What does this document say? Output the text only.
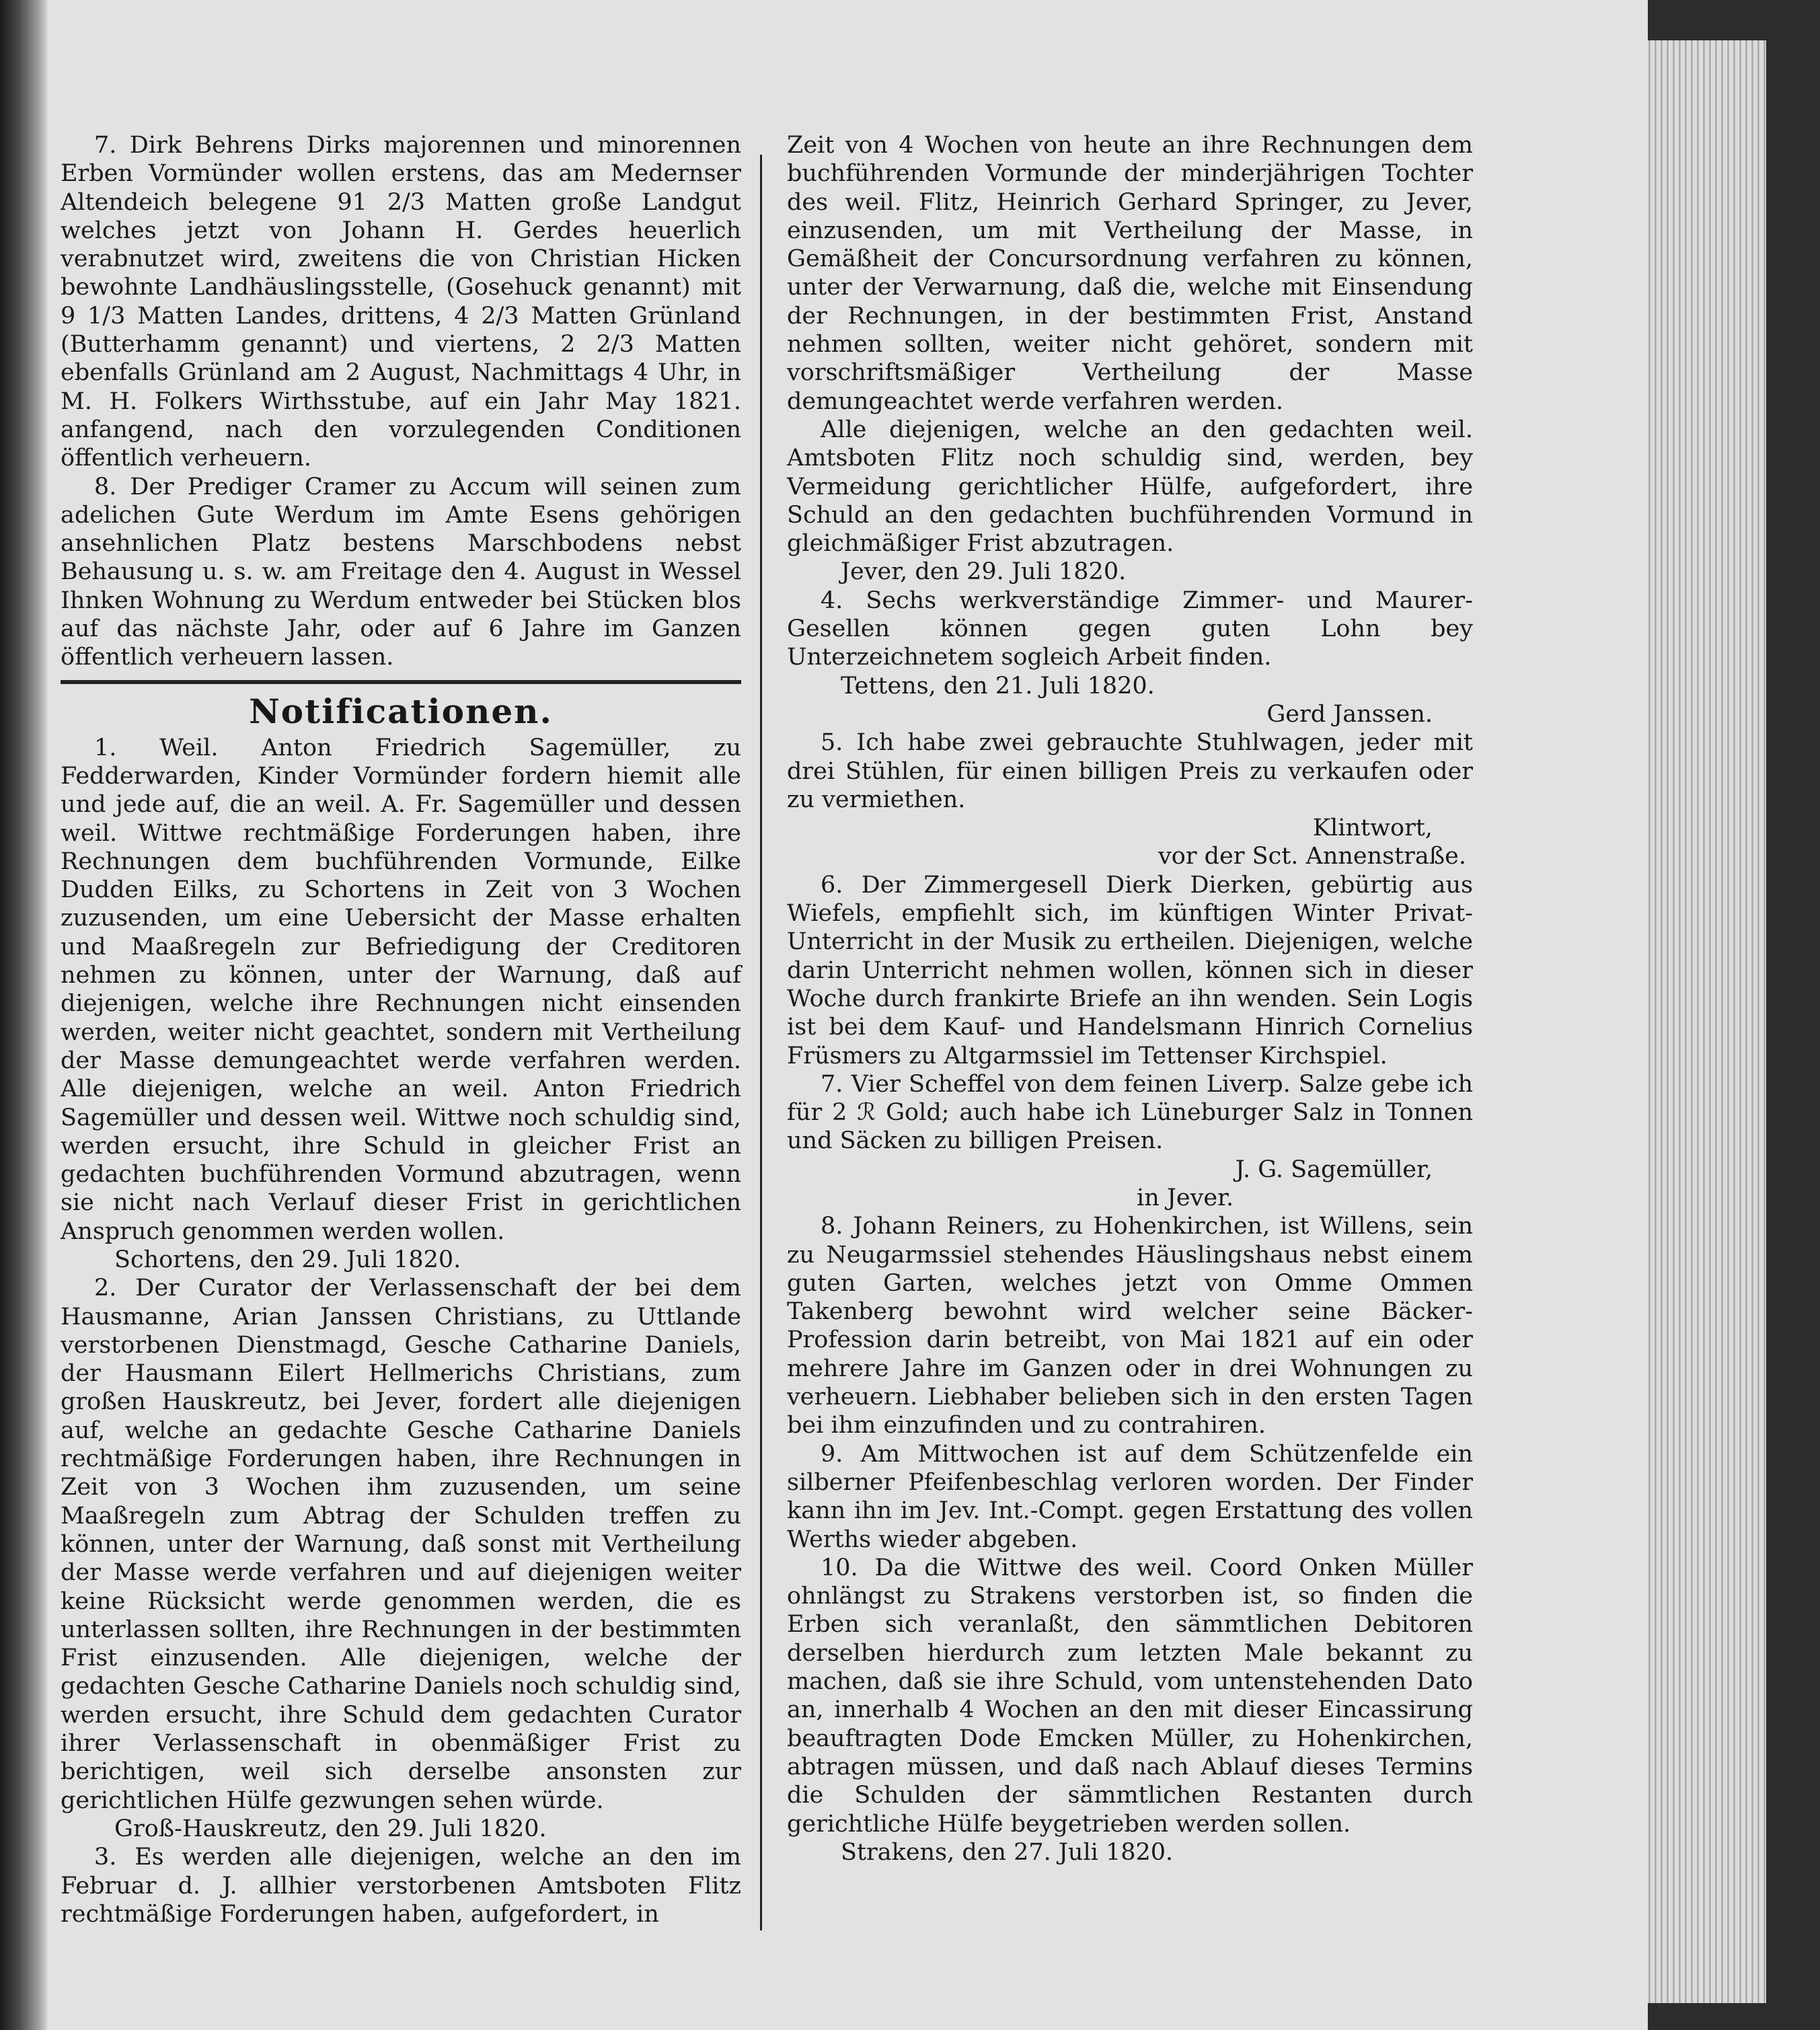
7. Dirk Behrens Dirks majorennen und minorennen Erben Vormünder wollen erstens, das am Medernser Altendeich belegene 91 2/3 Matten große Landgut welches jetzt von Johann H. Gerdes heuerlich verabnutzet wird, zweitens die von Christian Hicken bewohnte Landhäuslingsstelle, (Gosehuck genannt) mit 9 1/3 Matten Landes, drittens, 4 2/3 Matten Grünland (Butterhamm genannt) und viertens, 2 2/3 Matten ebenfalls Grünland am 2 August, Nachmittags 4 Uhr, in M. H. Folkers Wirthsstube, auf ein Jahr May 1821. anfangend, nach den vorzulegenden Conditionen öffentlich verheuern.

8. Der Prediger Cramer zu Accum will seinen zum adelichen Gute Werdum im Amte Esens gehörigen ansehnlichen Platz bestens Marschbodens nebst Behausung u. s. w. am Freitage den 4. August in Wessel Ihnken Wohnung zu Werdum entweder bei Stücken blos auf das nächste Jahr, oder auf 6 Jahre im Ganzen öffentlich verheuern lassen.

Notificationen.

1. Weil. Anton Friedrich Sagemüller, zu Fedderwarden, Kinder Vormünder fordern hiemit alle und jede auf, die an weil. A. Fr. Sagemüller und dessen weil. Wittwe rechtmäßige Forderungen haben, ihre Rechnungen dem buchführenden Vormunde, Eilke Dudden Eilks, zu Schortens in Zeit von 3 Wochen zuzusenden, um eine Uebersicht der Masse erhalten und Maaßregeln zur Befriedigung der Creditoren nehmen zu können, unter der Warnung, daß auf diejenigen, welche ihre Rechnungen nicht einsenden werden, weiter nicht geachtet, sondern mit Vertheilung der Masse demungeachtet werde verfahren werden. Alle diejenigen, welche an weil. Anton Friedrich Sagemüller und dessen weil. Wittwe noch schuldig sind, werden ersucht, ihre Schuld in gleicher Frist an gedachten buchführenden Vormund abzutragen, wenn sie nicht nach Verlauf dieser Frist in gerichtlichen Anspruch genommen werden wollen.

Schortens, den 29. Juli 1820.

2. Der Curator der Verlassenschaft der bei dem Hausmanne, Arian Janssen Christians, zu Uttlande verstorbenen Dienstmagd, Gesche Catharine Daniels, der Hausmann Eilert Hellmerichs Christians, zum großen Hauskreutz, bei Jever, fordert alle diejenigen auf, welche an gedachte Gesche Catharine Daniels rechtmäßige Forderungen haben, ihre Rechnungen in Zeit von 3 Wochen ihm zuzusenden, um seine Maaßregeln zum Abtrag der Schulden treffen zu können, unter der Warnung, daß sonst mit Vertheilung der Masse werde verfahren und auf diejenigen weiter keine Rücksicht werde genommen werden, die es unterlassen sollten, ihre Rechnungen in der bestimmten Frist einzusenden. Alle diejenigen, welche der gedachten Gesche Catharine Daniels noch schuldig sind, werden ersucht, ihre Schuld dem gedachten Curator ihrer Verlassenschaft in obenmäßiger Frist zu berichtigen, weil sich derselbe ansonsten zur gerichtlichen Hülfe gezwungen sehen würde.

Groß-Hauskreutz, den 29. Juli 1820.

3. Es werden alle diejenigen, welche an den im Februar d. J. allhier verstorbenen Amtsboten Flitz rechtmäßige Forderungen haben, aufgefordert, in

Zeit von 4 Wochen von heute an ihre Rechnungen dem buchführenden Vormunde der minderjährigen Tochter des weil. Flitz, Heinrich Gerhard Springer, zu Jever, einzusenden, um mit Vertheilung der Masse, in Gemäßheit der Concursordnung verfahren zu können, unter der Verwarnung, daß die, welche mit Einsendung der Rechnungen, in der bestimmten Frist, Anstand nehmen sollten, weiter nicht gehöret, sondern mit vorschriftsmäßiger Vertheilung der Masse demungeachtet werde verfahren werden.

Alle diejenigen, welche an den gedachten weil. Amtsboten Flitz noch schuldig sind, werden, bey Vermeidung gerichtlicher Hülfe, aufgefordert, ihre Schuld an den gedachten buchführenden Vormund in gleichmäßiger Frist abzutragen.

Jever, den 29. Juli 1820.

4. Sechs werkverständige Zimmer- und Maurer-Gesellen können gegen guten Lohn bey Unterzeichnetem sogleich Arbeit finden.

Tettens, den 21. Juli 1820.

Gerd Janssen.

5. Ich habe zwei gebrauchte Stuhlwagen, jeder mit drei Stühlen, für einen billigen Preis zu verkaufen oder zu vermiethen.

Klintwort,

vor der Sct. Annenstraße.

6. Der Zimmergesell Dierk Dierken, gebürtig aus Wiefels, empfiehlt sich, im künftigen Winter Privat-Unterricht in der Musik zu ertheilen. Diejenigen, welche darin Unterricht nehmen wollen, können sich in dieser Woche durch frankirte Briefe an ihn wenden. Sein Logis ist bei dem Kauf- und Handelsmann Hinrich Cornelius Früsmers zu Altgarmssiel im Tettenser Kirchspiel.

7. Vier Scheffel von dem feinen Liverp. Salze gebe ich für 2 ℛ Gold; auch habe ich Lüneburger Salz in Tonnen und Säcken zu billigen Preisen.

J. G. Sagemüller,

in Jever.

8. Johann Reiners, zu Hohenkirchen, ist Willens, sein zu Neugarmssiel stehendes Häuslingshaus nebst einem guten Garten, welches jetzt von Omme Ommen Takenberg bewohnt wird welcher seine Bäcker-Profession darin betreibt, von Mai 1821 auf ein oder mehrere Jahre im Ganzen oder in drei Wohnungen zu verheuern. Liebhaber belieben sich in den ersten Tagen bei ihm einzufinden und zu contrahiren.

9. Am Mittwochen ist auf dem Schützenfelde ein silberner Pfeifenbeschlag verloren worden. Der Finder kann ihn im Jev. Int.-Compt. gegen Erstattung des vollen Werths wieder abgeben.

10. Da die Wittwe des weil. Coord Onken Müller ohnlängst zu Strakens verstorben ist, so finden die Erben sich veranlaßt, den sämmtlichen Debitoren derselben hierdurch zum letzten Male bekannt zu machen, daß sie ihre Schuld, vom untenstehenden Dato an, innerhalb 4 Wochen an den mit dieser Eincassirung beauftragten Dode Emcken Müller, zu Hohenkirchen, abtragen müssen, und daß nach Ablauf dieses Termins die Schulden der sämmtlichen Restanten durch gerichtliche Hülfe beygetrieben werden sollen.

Strakens, den 27. Juli 1820.
